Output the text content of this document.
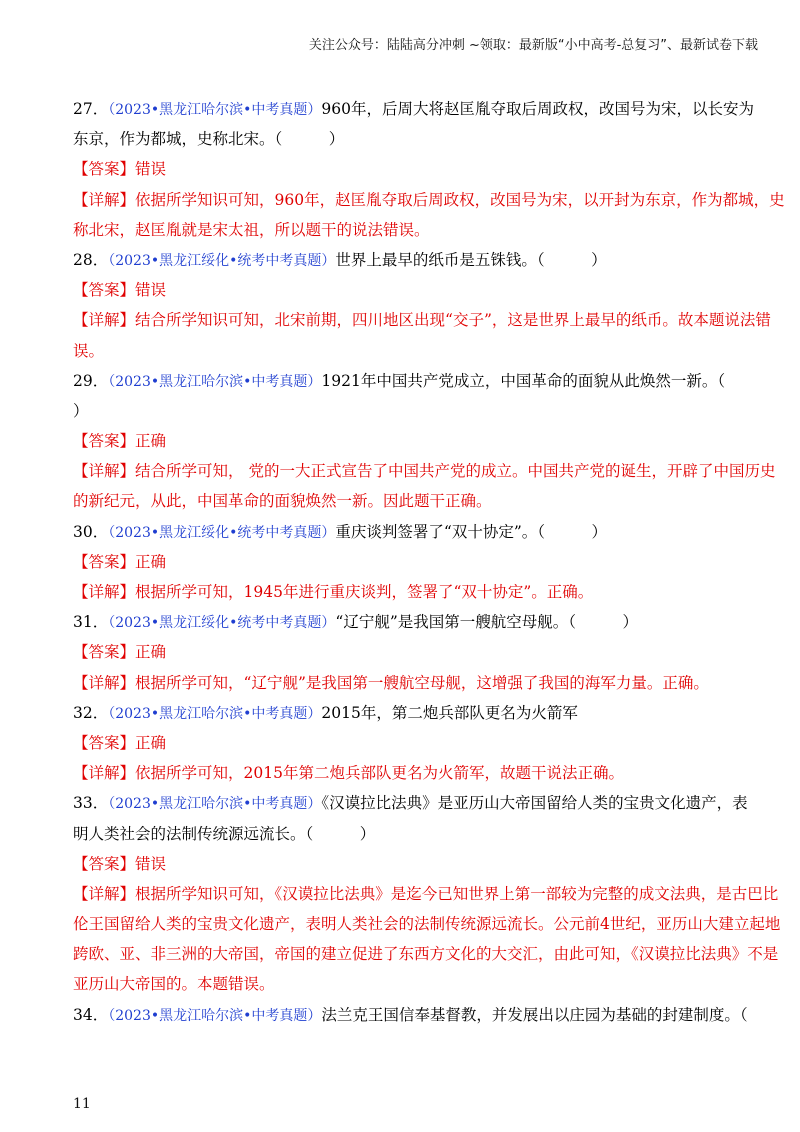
关注公众号：陆陆高分冲刺 ~领取：最新版“小中高考-总复习”、最新试卷下载
27．（2023•黑龙江哈尔滨•中考真题）960年，后周大将赵匡胤夺取后周政权，改国号为宋，以长安为
东京，作为都城，史称北宋。（　　　）
【答案】错误
【详解】依据所学知识可知，960年，赵匡胤夺取后周政权，改国号为宋，以开封为东京，作为都城，史
称北宋，赵匡胤就是宋太祖，所以题干的说法错误。
28．（2023•黑龙江绥化•统考中考真题）世界上最早的纸币是五铢钱。（　　　）
【答案】错误
【详解】结合所学知识可知，北宋前期，四川地区出现“交子”，这是世界上最早的纸币。故本题说法错
误。
29．（2023•黑龙江哈尔滨•中考真题）1921年中国共产党成立，中国革命的面貌从此焕然一新。（
）
【答案】正确
【详解】结合所学可知， 党的一大正式宣告了中国共产党的成立。中国共产党的诞生，开辟了中国历史
的新纪元，从此，中国革命的面貌焕然一新。因此题干正确。
30．（2023•黑龙江绥化•统考中考真题）重庆谈判签署了“双十协定”。（　　　）
【答案】正确
【详解】根据所学可知，1945年进行重庆谈判，签署了“双十协定”。正确。
31．（2023•黑龙江绥化•统考中考真题）“辽宁舰”是我国第一艘航空母舰。（　　　）
【答案】正确
【详解】根据所学可知，“辽宁舰”是我国第一艘航空母舰，这增强了我国的海军力量。正确。
32．（2023•黑龙江哈尔滨•中考真题）2015年，第二炮兵部队更名为火箭军
【答案】正确
【详解】依据所学可知，2015年第二炮兵部队更名为火箭军，故题干说法正确。
33．（2023•黑龙江哈尔滨•中考真题）《汉谟拉比法典》是亚历山大帝国留给人类的宝贵文化遗产，表
明人类社会的法制传统源远流长。（　　　）
【答案】错误
【详解】根据所学知识可知，《汉谟拉比法典》是迄今已知世界上第一部较为完整的成文法典，是古巴比
伦王国留给人类的宝贵文化遗产，表明人类社会的法制传统源远流长。公元前4世纪，亚历山大建立起地
跨欧、亚、非三洲的大帝国，帝国的建立促进了东西方文化的大交汇，由此可知，《汉谟拉比法典》不是
亚历山大帝国的。本题错误。
34．（2023•黑龙江哈尔滨•中考真题）法兰克王国信奉基督教，并发展出以庄园为基础的封建制度。（
11
